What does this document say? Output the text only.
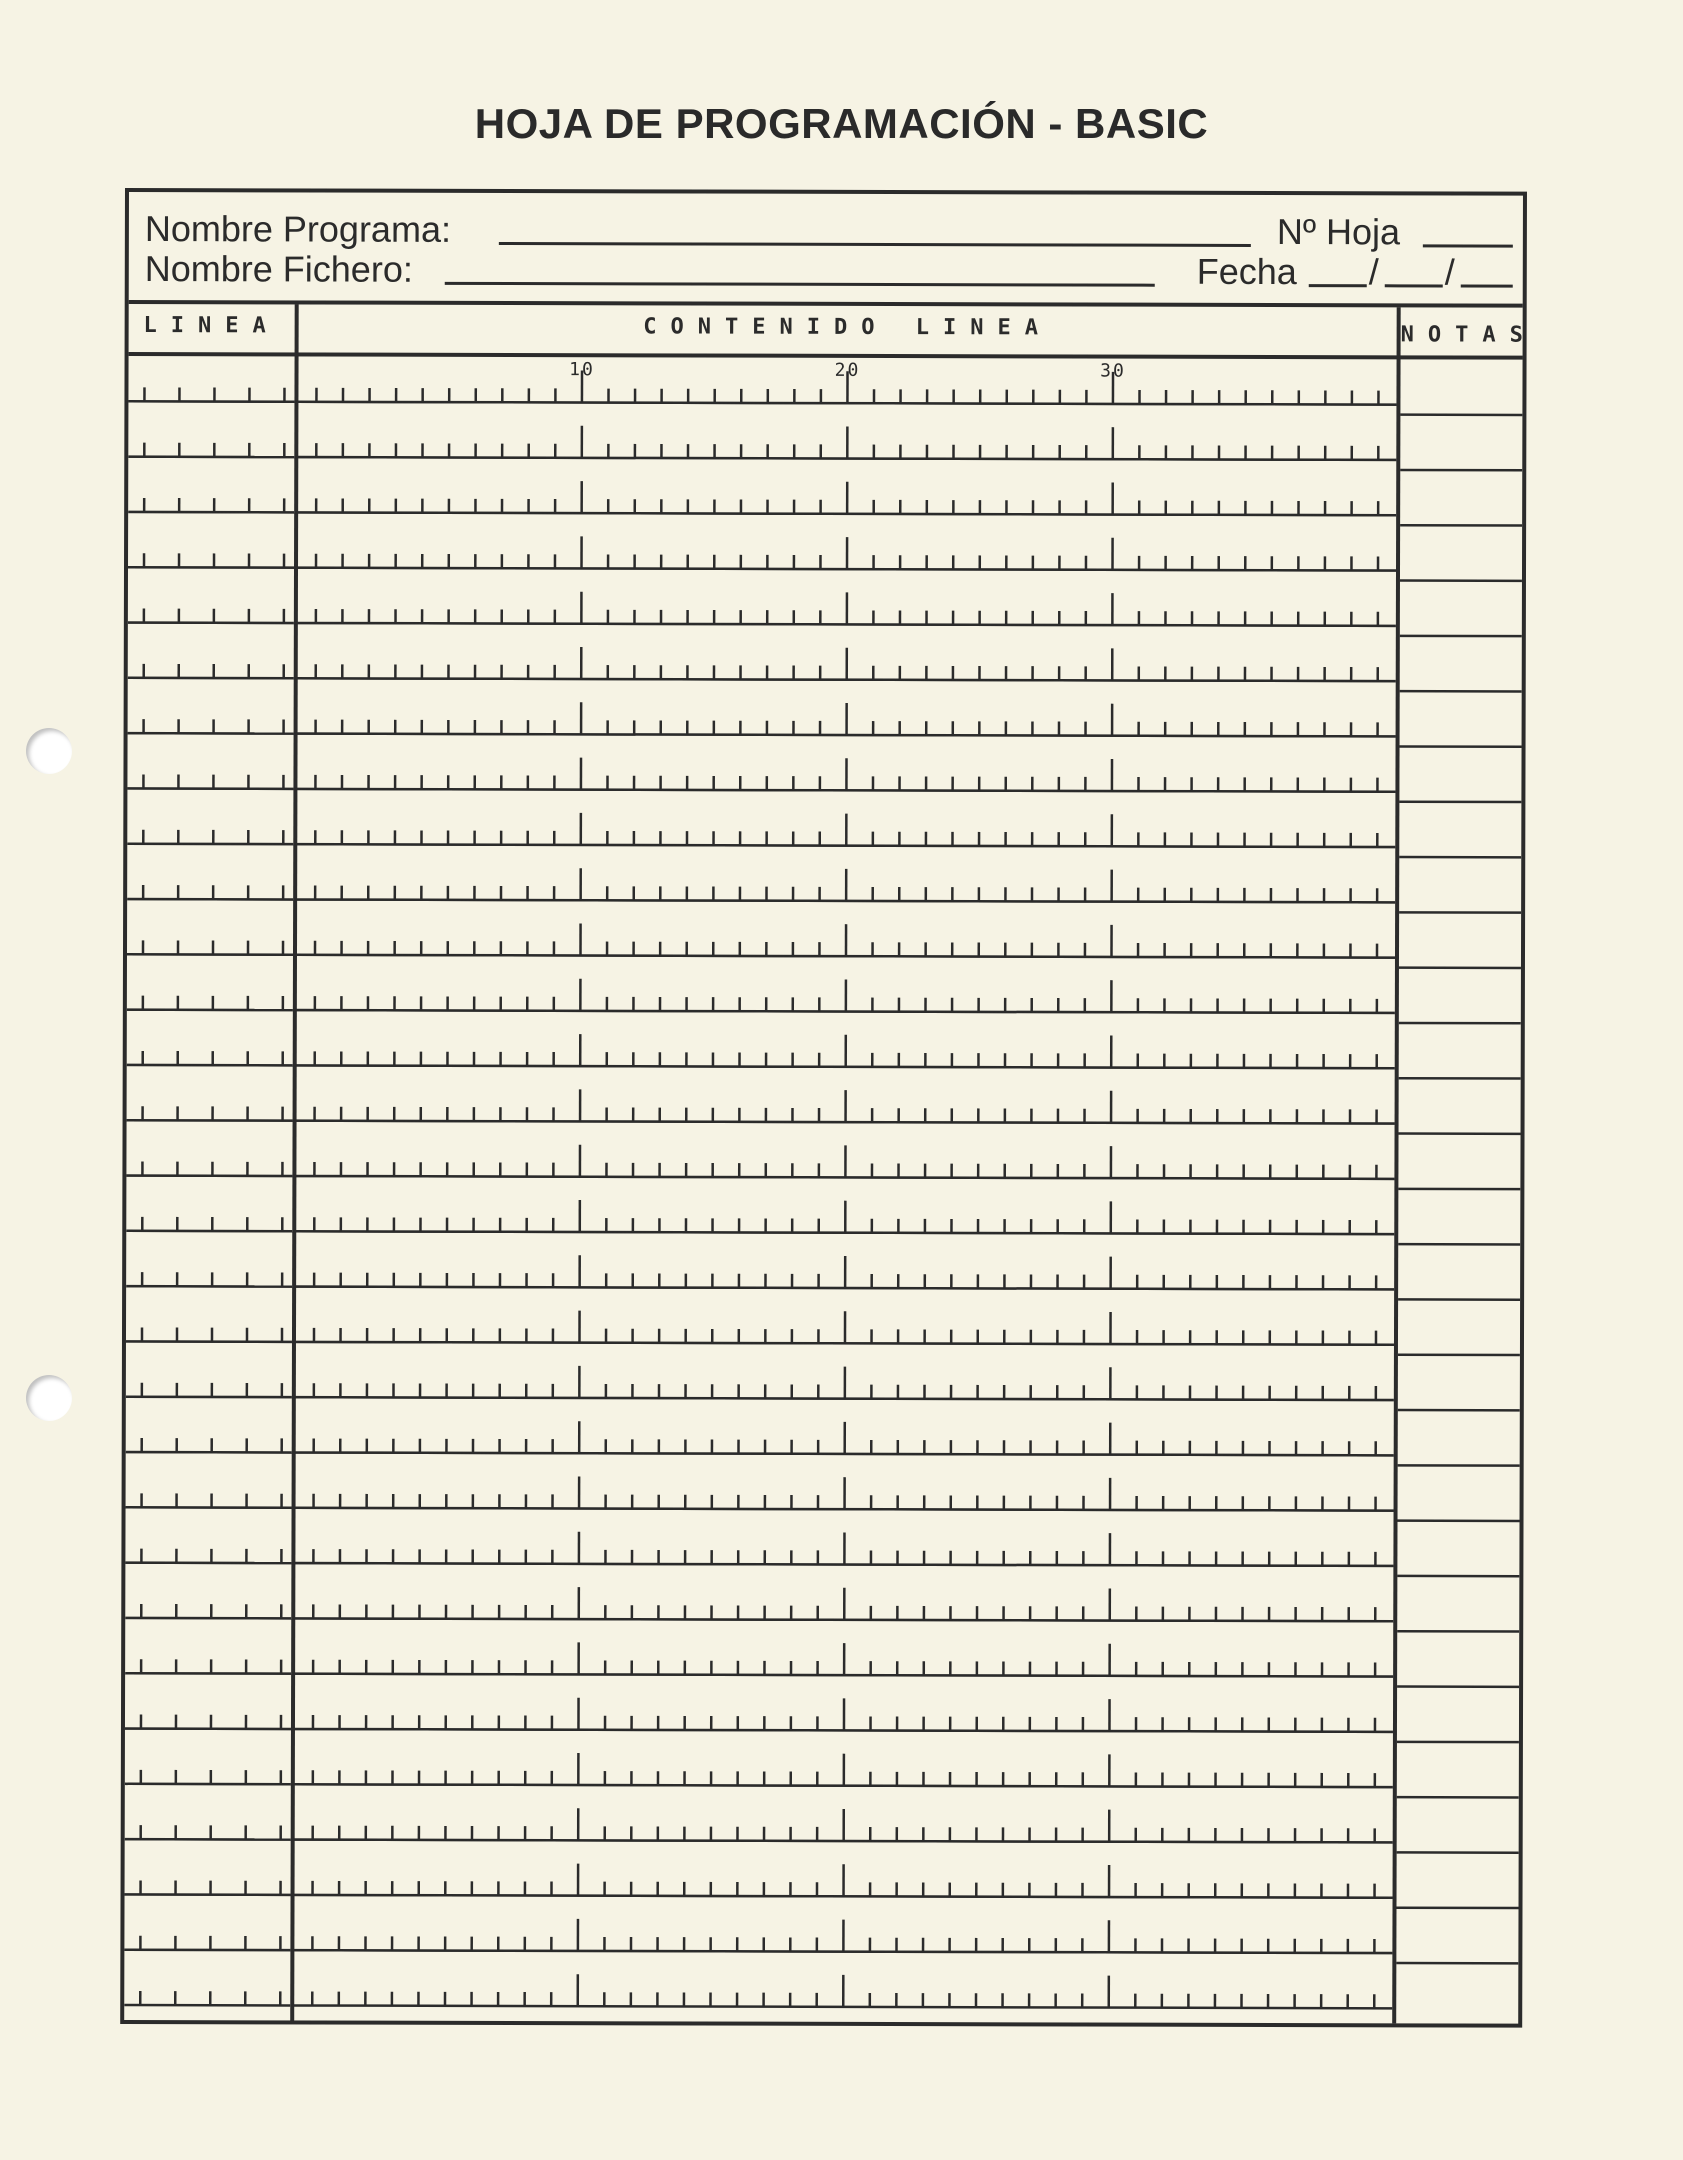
HOJA DE PROGRAMACIÓN - BASIC
Nombre Programa:	Nº Hoja
Nombre Fichero:	Fecha / /
LINEA	CONTENIDO LINEA	NOTAS
10	20	30
